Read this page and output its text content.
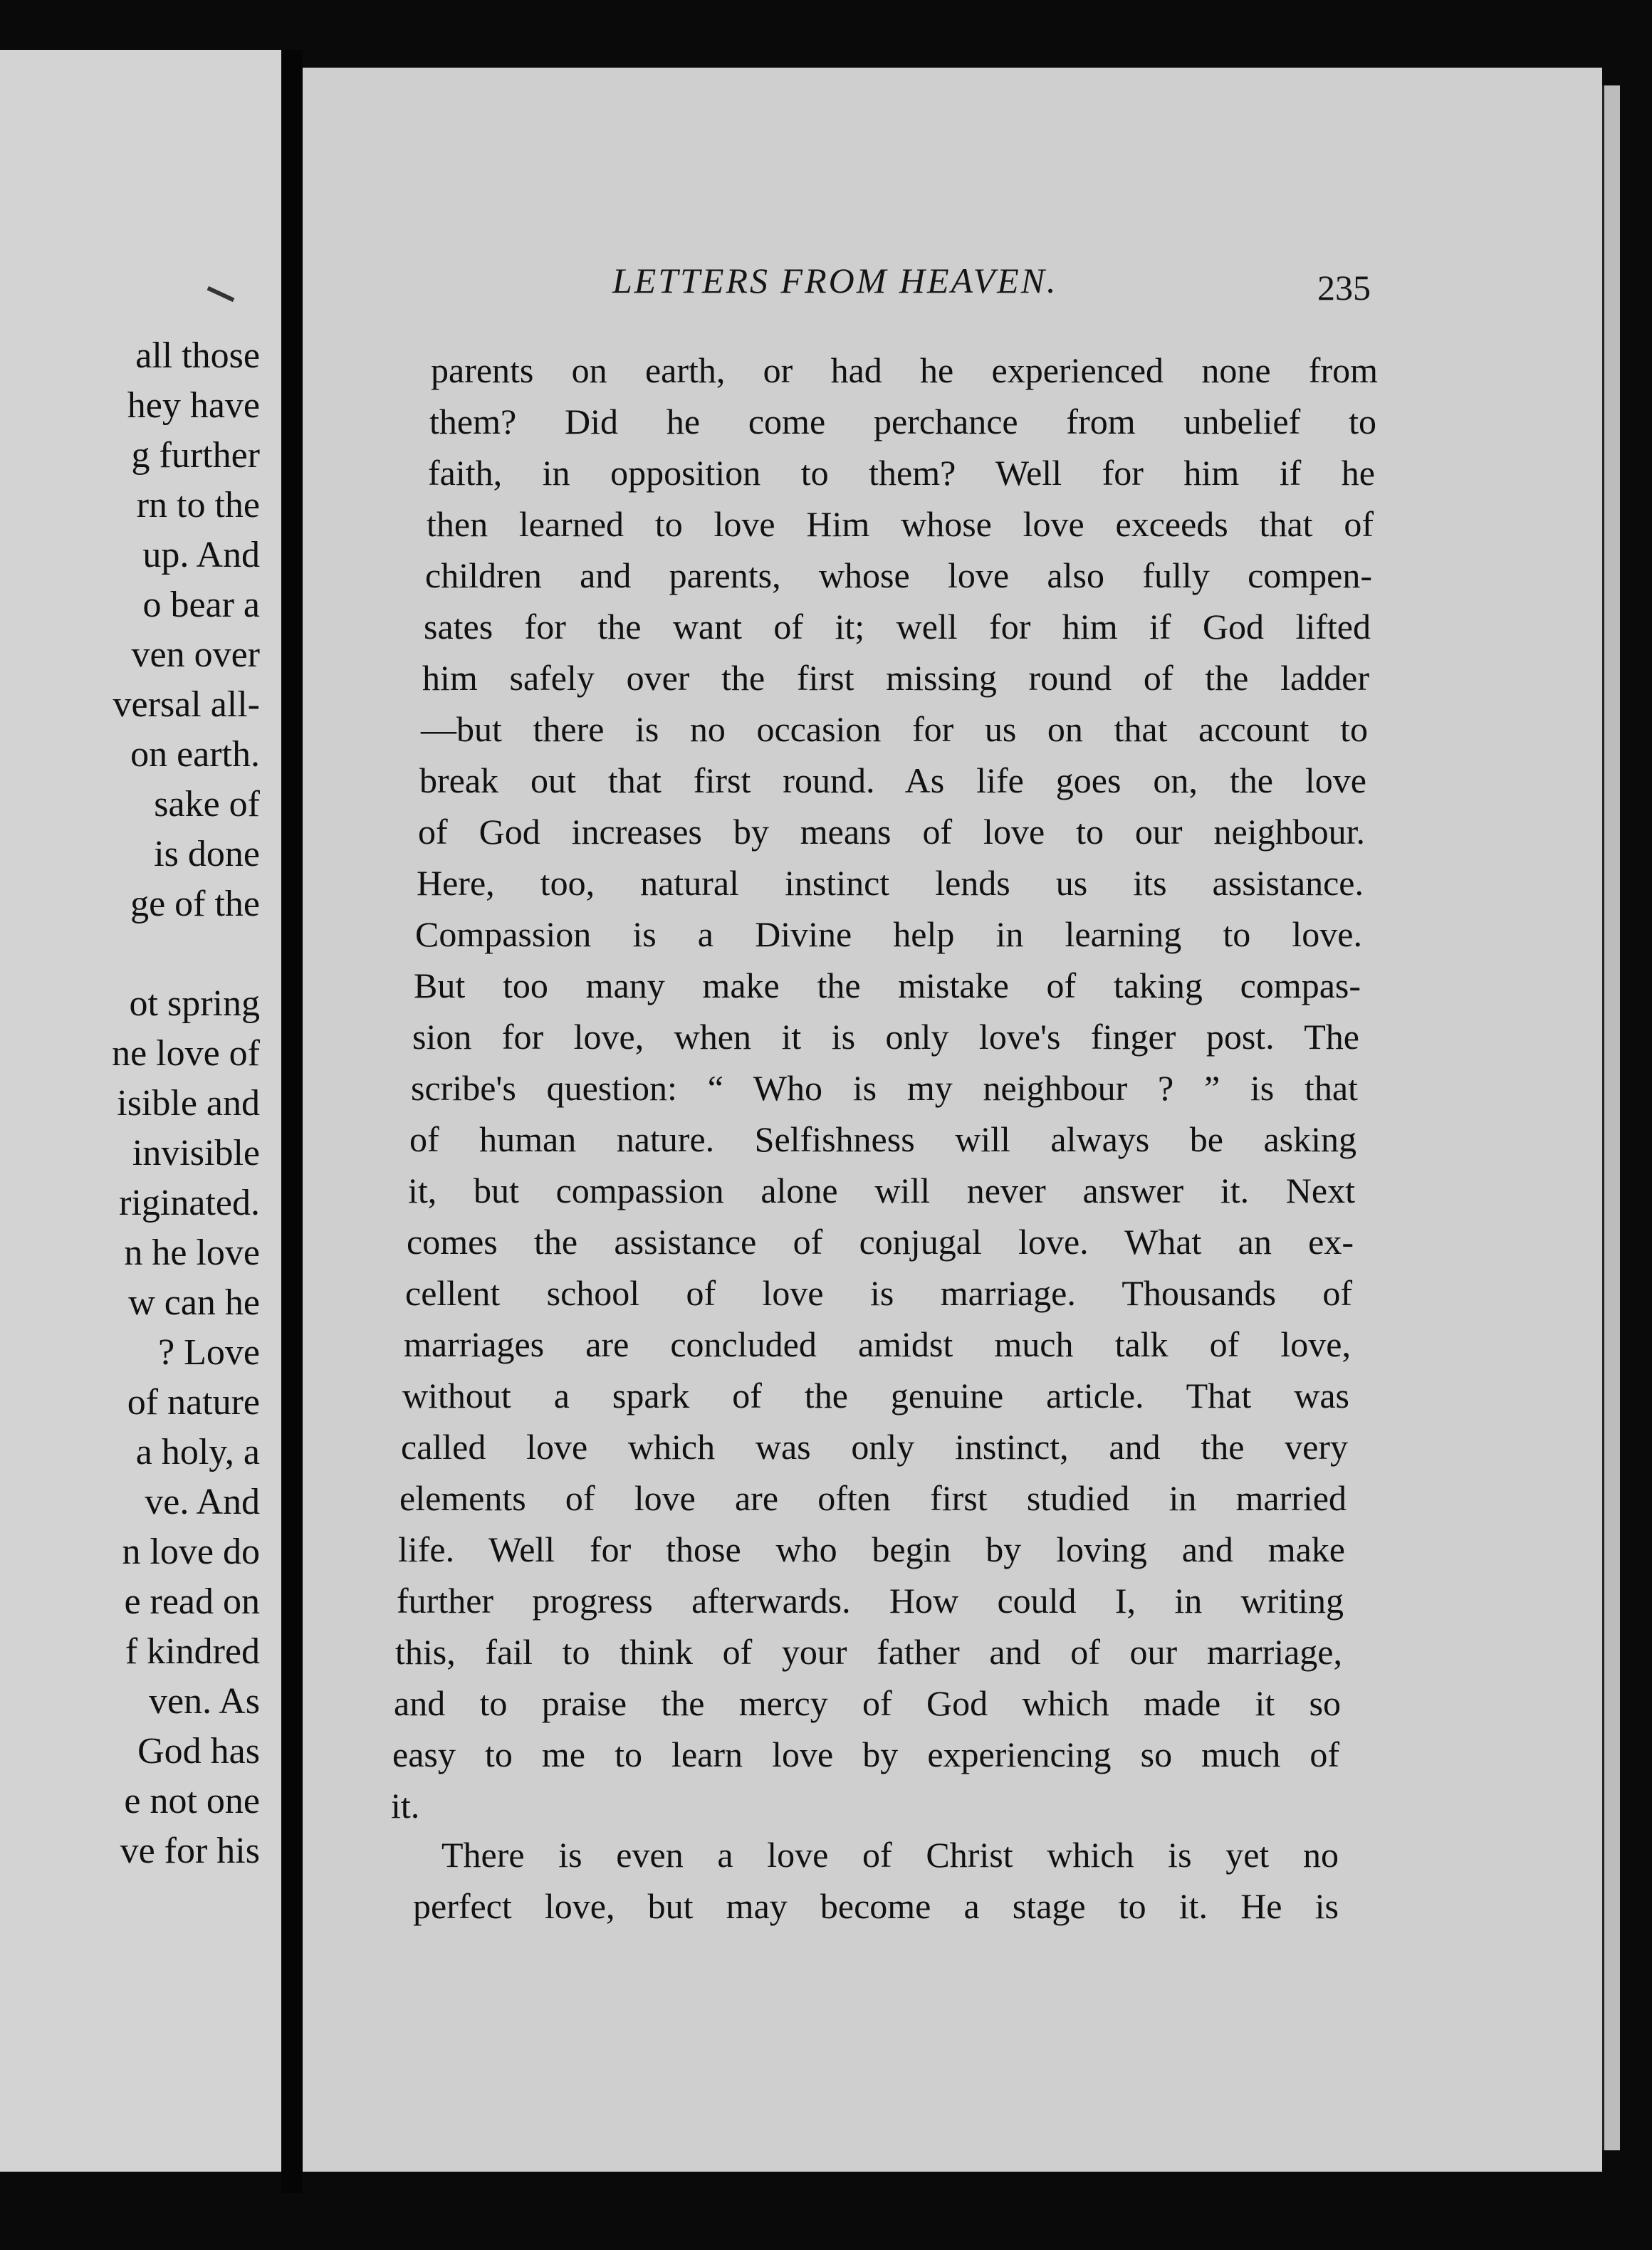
all those

hey have

g further

rn to the

up. And

o bear a

ven over

versal all-

on earth.

sake of

is done

ge of the

ot spring

ne love of

isible and

invisible

riginated.

n he love

w can he

? Love

of nature

a holy, a

ve. And

n love do

e read on

f kindred

ven. As

God has

e not one

ve for his

LETTERS FROM HEAVEN.	235

parents on earth, or had he experienced none from

them? Did he come perchance from unbelief to

faith, in opposition to them? Well for him if he

then learned to love Him whose love exceeds that of

children and parents, whose love also fully compen-

sates for the want of it; well for him if God lifted

him safely over the first missing round of the ladder

—but there is no occasion for us on that account to

break out that first round. As life goes on, the love

of God increases by means of love to our neighbour.

Here, too, natural instinct lends us its assistance.

Compassion is a Divine help in learning to love.

But too many make the mistake of taking compas-

sion for love, when it is only love's finger post. The

scribe's question: “ Who is my neighbour ? ” is that

of human nature. Selfishness will always be asking

it, but compassion alone will never answer it. Next

comes the assistance of conjugal love. What an ex-

cellent school of love is marriage. Thousands of

marriages are concluded amidst much talk of love,

without a spark of the genuine article. That was

called love which was only instinct, and the very

elements of love are often first studied in married

life. Well for those who begin by loving and make

further progress afterwards. How could I, in writing

this, fail to think of your father and of our marriage,

and to praise the mercy of God which made it so

easy to me to learn love by experiencing so much of

it.

There is even a love of Christ which is yet no

perfect love, but may become a stage to it. He is
